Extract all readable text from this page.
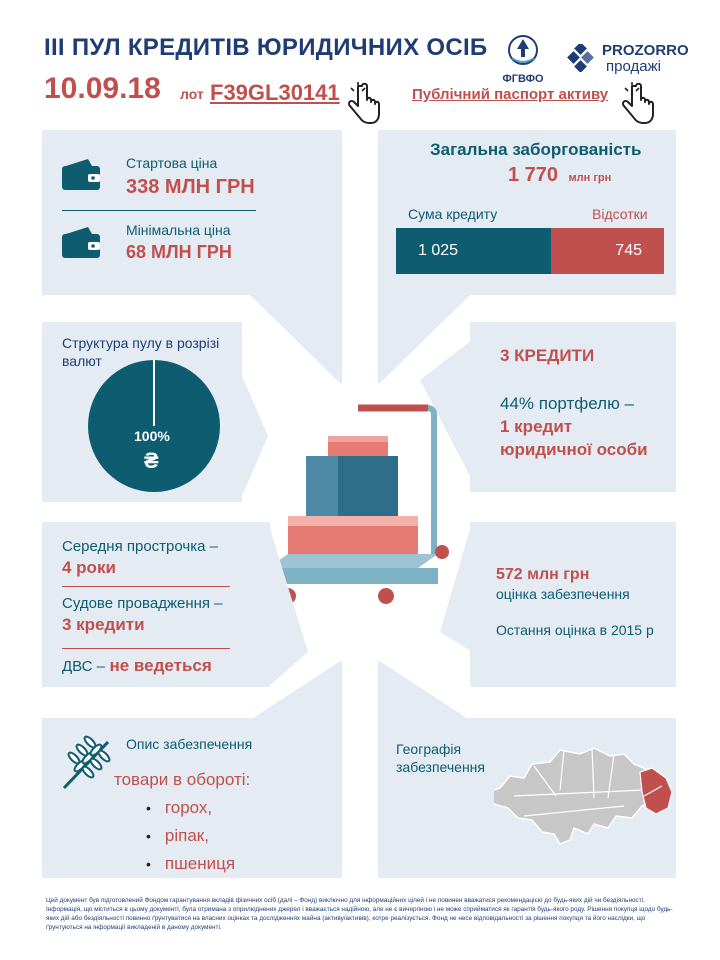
ІІІ ПУЛ КРЕДИТІВ ЮРИДИЧНИХ ОСІБ
10.09.18 лот F39GL30141	Публічний паспорт активу
ФГВФО
PROZORRO
продажі
Стартова ціна
338 МЛН ГРН
Мінімальна ціна
68 МЛН ГРН
Загальна заборгованість
1 770 млн грн
Сума кредиту	Відсотки
1 025	745
Структура пулу в розрізі валют
100%
₴
3 КРЕДИТИ
44% портфелю –
1 кредит
юридичної особи
Середня прострочка –
4 роки
Судове провадження –
3 кредити
ДВС – не ведеться
572 млн грн
оцінка забезпечення
Остання оцінка в 2015 р
Опис забезпечення
товари в обороті:
• горох,
• ріпак,
• пшениця
Географія забезпечення
Цей документ був підготовлений Фондом гарантування вкладів фізичних осіб (далі – Фонд) виключно для інформаційних цілей і не повинен вважатися рекомендацією до будь-яких дій чи бездіяльності. Інформація, що міститься в цьому документі, була отримана з оприлюднених джерел і вважається надійною, але не є вичерпною і не може сприйматися як гарантія будь-якого роду. Рішення покупця щодо будь-яких дій або бездіяльності повинно ґрунтуватися на власних оцінках та дослідженнях майна (активу/активів), котре реалізується. Фонд не несе відповідальності за рішення покупця та його наслідки, що ґрунтуються на інформації викладеній в даному документі.
